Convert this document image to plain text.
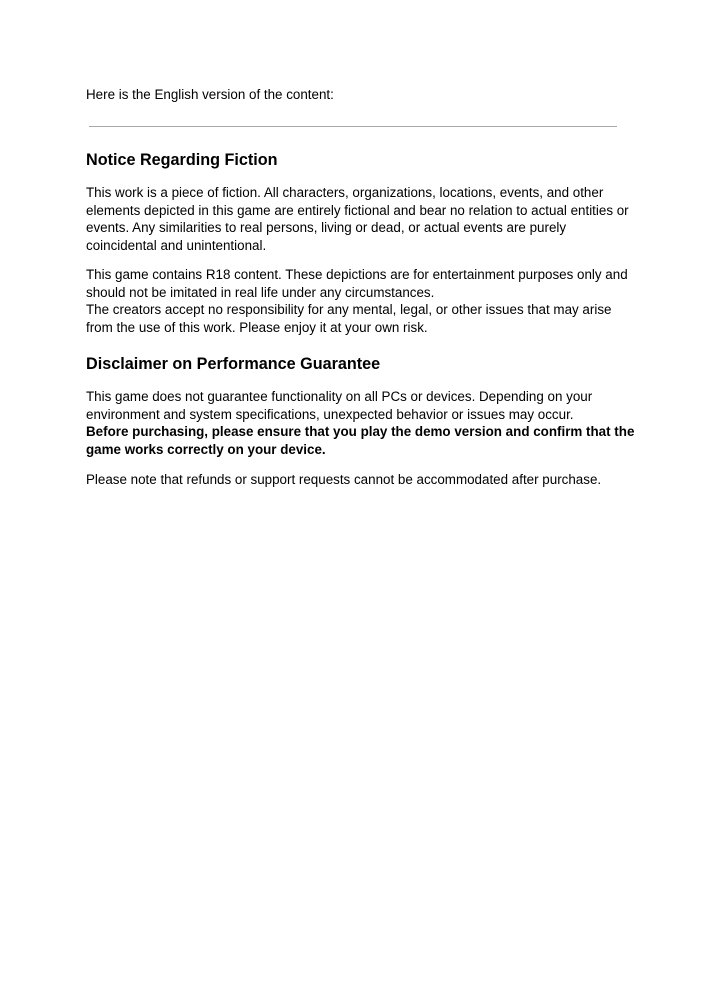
Here is the English version of the content:

Notice Regarding Fiction

This work is a piece of fiction. All characters, organizations, locations, events, and other
elements depicted in this game are entirely fictional and bear no relation to actual entities or
events. Any similarities to real persons, living or dead, or actual events are purely
coincidental and unintentional.

This game contains R18 content. These depictions are for entertainment purposes only and
should not be imitated in real life under any circumstances.
The creators accept no responsibility for any mental, legal, or other issues that may arise
from the use of this work. Please enjoy it at your own risk.

Disclaimer on Performance Guarantee

This game does not guarantee functionality on all PCs or devices. Depending on your
environment and system specifications, unexpected behavior or issues may occur.
Before purchasing, please ensure that you play the demo version and confirm that the
game works correctly on your device.

Please note that refunds or support requests cannot be accommodated after purchase.
